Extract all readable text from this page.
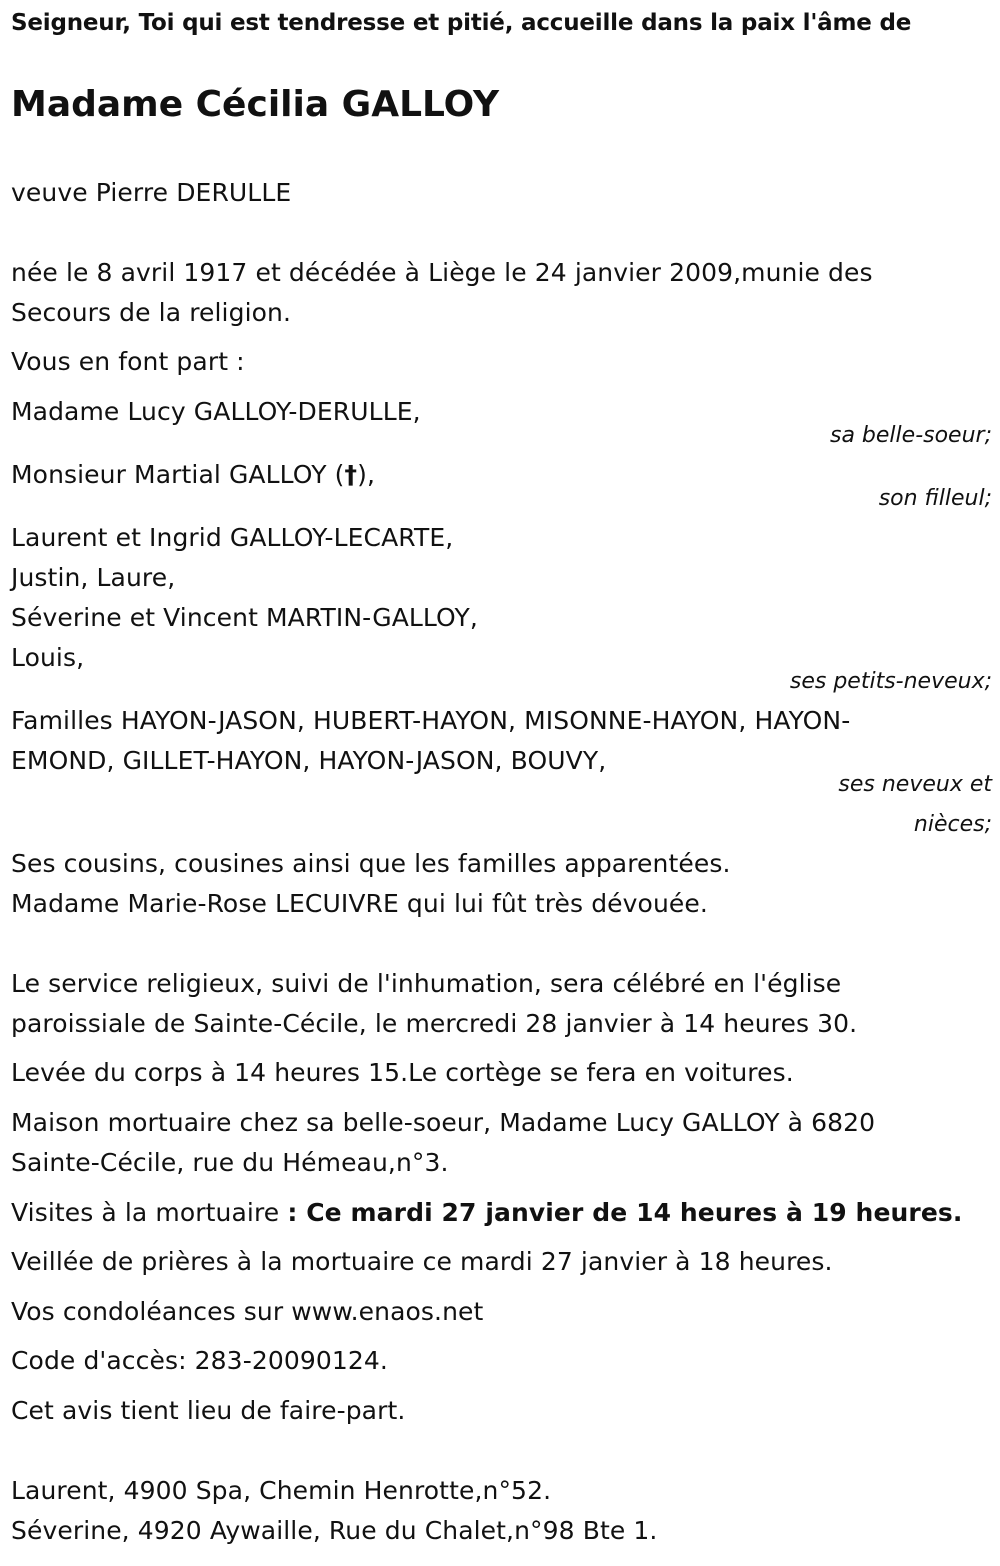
Seigneur, Toi qui est tendresse et pitié, accueille dans la paix l'âme de
Madame Cécilia GALLOY
veuve Pierre DERULLE
née le 8 avril 1917 et décédée à Liège le 24 janvier 2009,munie des
Secours de la religion.
Vous en font part :
Madame Lucy GALLOY-DERULLE,
sa belle-soeur;
Monsieur Martial GALLOY (†),
son filleul;
Laurent et Ingrid GALLOY-LECARTE,
Justin, Laure,
Séverine et Vincent MARTIN-GALLOY,
Louis,
ses petits-neveux;
Familles HAYON-JASON, HUBERT-HAYON, MISONNE-HAYON, HAYON-
EMOND, GILLET-HAYON, HAYON-JASON, BOUVY,
ses neveux et
nièces;
Ses cousins, cousines ainsi que les familles apparentées.
Madame Marie-Rose LECUIVRE qui lui fût très dévouée.
Le service religieux, suivi de l'inhumation, sera célébré en l'église
paroissiale de Sainte-Cécile, le mercredi 28 janvier à 14 heures 30.
Levée du corps à 14 heures 15.Le cortège se fera en voitures.
Maison mortuaire chez sa belle-soeur, Madame Lucy GALLOY à 6820
Sainte-Cécile, rue du Hémeau,n°3.
Visites à la mortuaire : Ce mardi 27 janvier de 14 heures à 19 heures.
Veillée de prières à la mortuaire ce mardi 27 janvier à 18 heures.
Vos condoléances sur www.enaos.net
Code d'accès: 283-20090124.
Cet avis tient lieu de faire-part.
Laurent, 4900 Spa, Chemin Henrotte,n°52.
Séverine, 4920 Aywaille, Rue du Chalet,n°98 Bte 1.
